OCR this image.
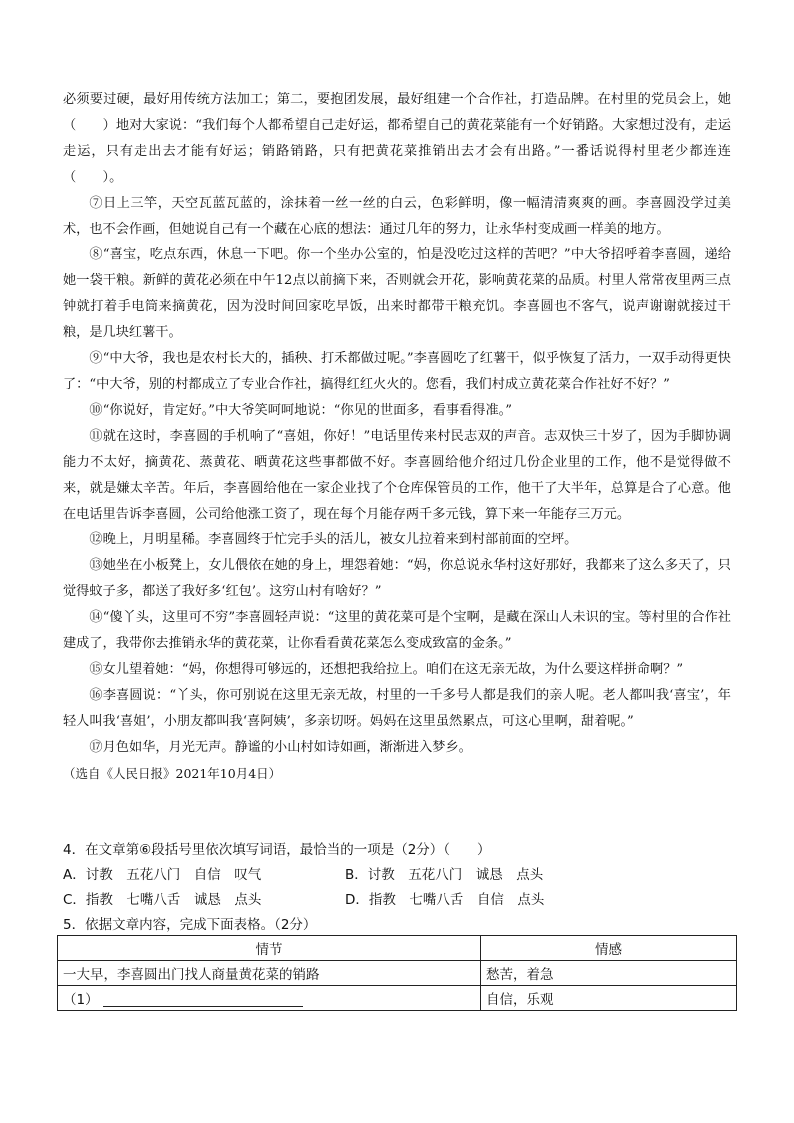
必须要过硬，最好用传统方法加工；第二，要抱团发展，最好组建一个合作社，打造品牌。在村里的党员会上，她（　　）地对大家说：“我们每个人都希望自己走好运，都希望自己的黄花菜能有一个好销路。大家想过没有，走运走运，只有走出去才能有好运；销路销路，只有把黄花菜推销出去才会有出路。”一番话说得村里老少都连连（　　）。

⑦日上三竿，天空瓦蓝瓦蓝的，涂抹着一丝一丝的白云，色彩鲜明，像一幅清清爽爽的画。李喜圆没学过美术，也不会作画，但她说自己有一个藏在心底的想法：通过几年的努力，让永华村变成画一样美的地方。

⑧“喜宝，吃点东西，休息一下吧。你一个坐办公室的，怕是没吃过这样的苦吧？”中大爷招呼着李喜圆，递给她一袋干粮。新鲜的黄花必须在中午12点以前摘下来，否则就会开花，影响黄花菜的品质。村里人常常夜里两三点钟就打着手电筒来摘黄花，因为没时间回家吃早饭，出来时都带干粮充饥。李喜圆也不客气，说声谢谢就接过干粮，是几块红薯干。

⑨“中大爷，我也是农村长大的，插秧、打禾都做过呢。”李喜圆吃了红薯干，似乎恢复了活力，一双手动得更快了：“中大爷，别的村都成立了专业合作社，搞得红红火火的。您看，我们村成立黄花菜合作社好不好？”

⑩“你说好，肯定好。”中大爷笑呵呵地说：“你见的世面多，看事看得准。”

⑪就在这时，李喜圆的手机响了“喜姐，你好！”电话里传来村民志双的声音。志双快三十岁了，因为手脚协调能力不太好，摘黄花、蒸黄花、晒黄花这些事都做不好。李喜圆给他介绍过几份企业里的工作，他不是觉得做不来，就是嫌太辛苦。年后，李喜圆给他在一家企业找了个仓库保管员的工作，他干了大半年，总算是合了心意。他在电话里告诉李喜圆，公司给他涨工资了，现在每个月能存两千多元钱，算下来一年能存三万元。

⑫晚上，月明星稀。李喜圆终于忙完手头的活儿，被女儿拉着来到村部前面的空坪。

⑬她坐在小板凳上，女儿偎依在她的身上，埋怨着她：“妈，你总说永华村这好那好，我都来了这么多天了，只觉得蚊子多，都送了我好多‘红包’。这穷山村有啥好？”

⑭“傻丫头，这里可不穷”李喜圆轻声说：“这里的黄花菜可是个宝啊，是藏在深山人未识的宝。等村里的合作社建成了，我带你去推销永华的黄花菜，让你看看黄花菜怎么变成致富的金条。”

⑮女儿望着她：“妈，你想得可够远的，还想把我给拉上。咱们在这无亲无故，为什么要这样拼命啊？”

⑯李喜圆说：“丫头，你可别说在这里无亲无故，村里的一千多号人都是我们的亲人呢。老人都叫我‘喜宝’，年轻人叫我‘喜姐’，小朋友都叫我‘喜阿姨’，多亲切呀。妈妈在这里虽然累点，可这心里啊，甜着呢。”

⑰月色如华，月光无声。静谧的小山村如诗如画，渐渐进入梦乡。

（选自《人民日报》2021年10月4日）

4．在文章第⑥段括号里依次填写词语，最恰当的一项是（2分）（　　）

A．讨教　五花八门　自信　叹气	B．讨教　五花八门　诚恳　点头
C．指教　七嘴八舌　诚恳　点头	D．指教　七嘴八舌　自信　点头

5．依据文章内容，完成下面表格。（2分）

情节	情感
一大早，李喜圆出门找人商量黄花菜的销路	愁苦，着急
（1）	自信，乐观
